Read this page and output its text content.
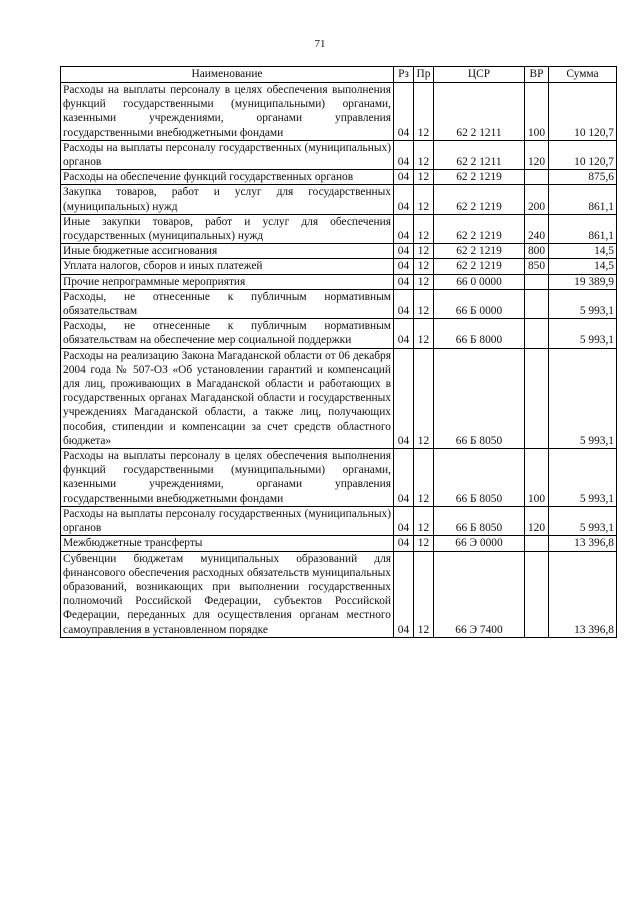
71
Наименование	Рз	Пр	ЦСР	ВР	Сумма
Расходы на выплаты персоналу в целях обеспечения выполнения функций государственными (муниципальными) органами, казенными учреждениями, органами управления государственными внебюджетными фондами	04	12	62 2 1211	100	10 120,7
Расходы на выплаты персоналу государственных (муниципальных) органов	04	12	62 2 1211	120	10 120,7
Расходы на обеспечение функций государственных органов	04	12	62 2 1219		875,6
Закупка товаров, работ и услуг для государственных (муниципальных) нужд	04	12	62 2 1219	200	861,1
Иные закупки товаров, работ и услуг для обеспечения государственных (муниципальных) нужд	04	12	62 2 1219	240	861,1
Иные бюджетные ассигнования	04	12	62 2 1219	800	14,5
Уплата налогов, сборов и иных платежей	04	12	62 2 1219	850	14,5
Прочие непрограммные мероприятия	04	12	66 0 0000		19 389,9
Расходы, не отнесенные к публичным нормативным обязательствам	04	12	66 Б 0000		5 993,1
Расходы, не отнесенные к публичным нормативным обязательствам на обеспечение мер социальной поддержки	04	12	66 Б 8000		5 993,1
Расходы на реализацию Закона Магаданской области от 06 декабря 2004 года № 507-ОЗ «Об установлении гарантий и компенсаций для лиц, проживающих в Магаданской области и работающих в государственных органах Магаданской области и государственных учреждениях Магаданской области, а также лиц, получающих пособия, стипендии и компенсации за счет средств областного бюджета»	04	12	66 Б 8050		5 993,1
Расходы на выплаты персоналу в целях обеспечения выполнения функций государственными (муниципальными) органами, казенными учреждениями, органами управления государственными внебюджетными фондами	04	12	66 Б 8050	100	5 993,1
Расходы на выплаты персоналу государственных (муниципальных) органов	04	12	66 Б 8050	120	5 993,1
Межбюджетные трансферты	04	12	66 Э 0000		13 396,8
Субвенции бюджетам муниципальных образований для финансового обеспечения расходных обязательств муниципальных образований, возникающих при выполнении государственных полномочий Российской Федерации, субъектов Российской Федерации, переданных для осуществления органам местного самоуправления в установленном порядке	04	12	66 Э 7400		13 396,8
